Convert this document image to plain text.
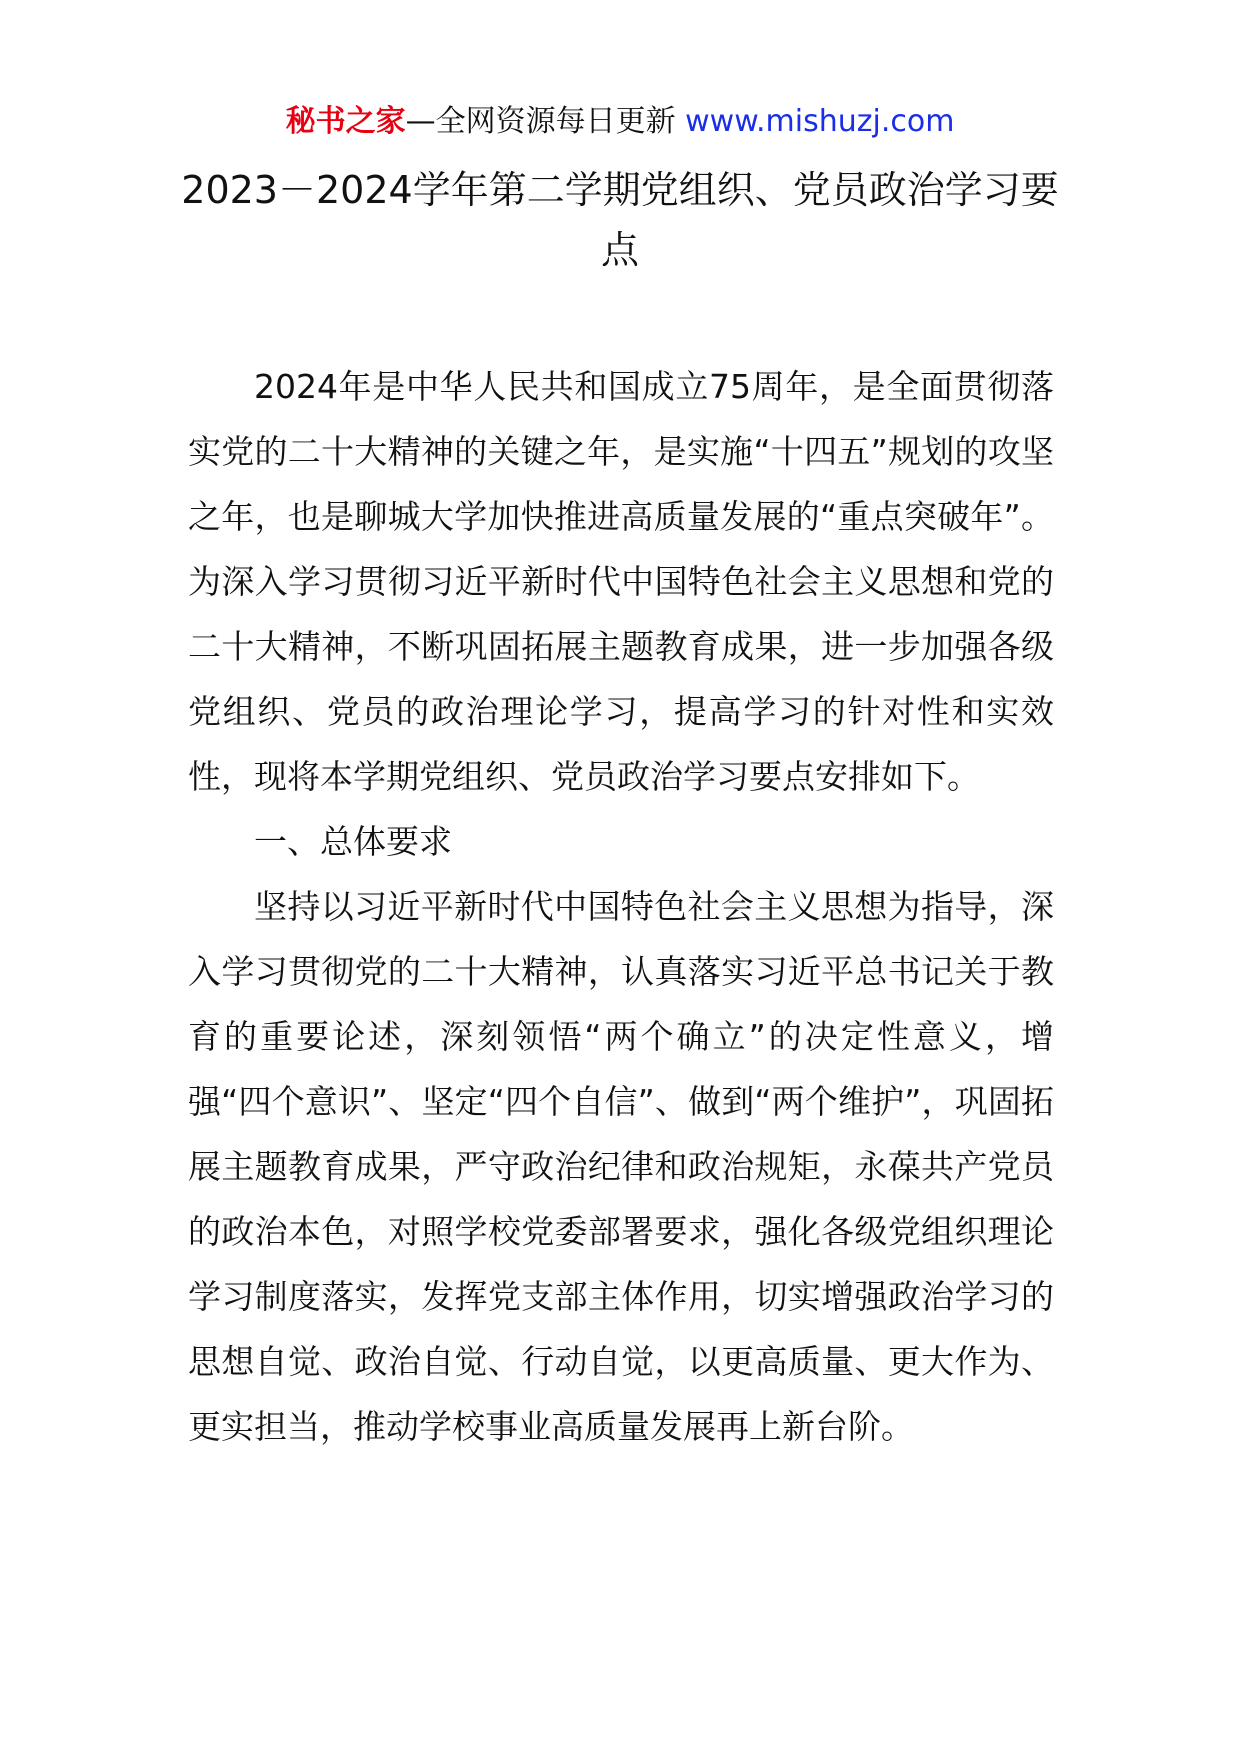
秘书之家—全网资源每日更新 www.mishuzj.com
2023－2024学年第二学期党组织、党员政治学习要点

2024年是中华人民共和国成立75周年，是全面贯彻落实党的二十大精神的关键之年，是实施“十四五”规划的攻坚之年，也是聊城大学加快推进高质量发展的“重点突破年”。为深入学习贯彻习近平新时代中国特色社会主义思想和党的二十大精神，不断巩固拓展主题教育成果，进一步加强各级党组织、党员的政治理论学习，提高学习的针对性和实效性，现将本学期党组织、党员政治学习要点安排如下。

一、总体要求

坚持以习近平新时代中国特色社会主义思想为指导，深入学习贯彻党的二十大精神，认真落实习近平总书记关于教育的重要论述，深刻领悟“两个确立”的决定性意义，增强“四个意识”、坚定“四个自信”、做到“两个维护”，巩固拓展主题教育成果，严守政治纪律和政治规矩，永葆共产党员的政治本色，对照学校党委部署要求，强化各级党组织理论学习制度落实，发挥党支部主体作用，切实增强政治学习的思想自觉、政治自觉、行动自觉，以更高质量、更大作为、更实担当，推动学校事业高质量发展再上新台阶。
